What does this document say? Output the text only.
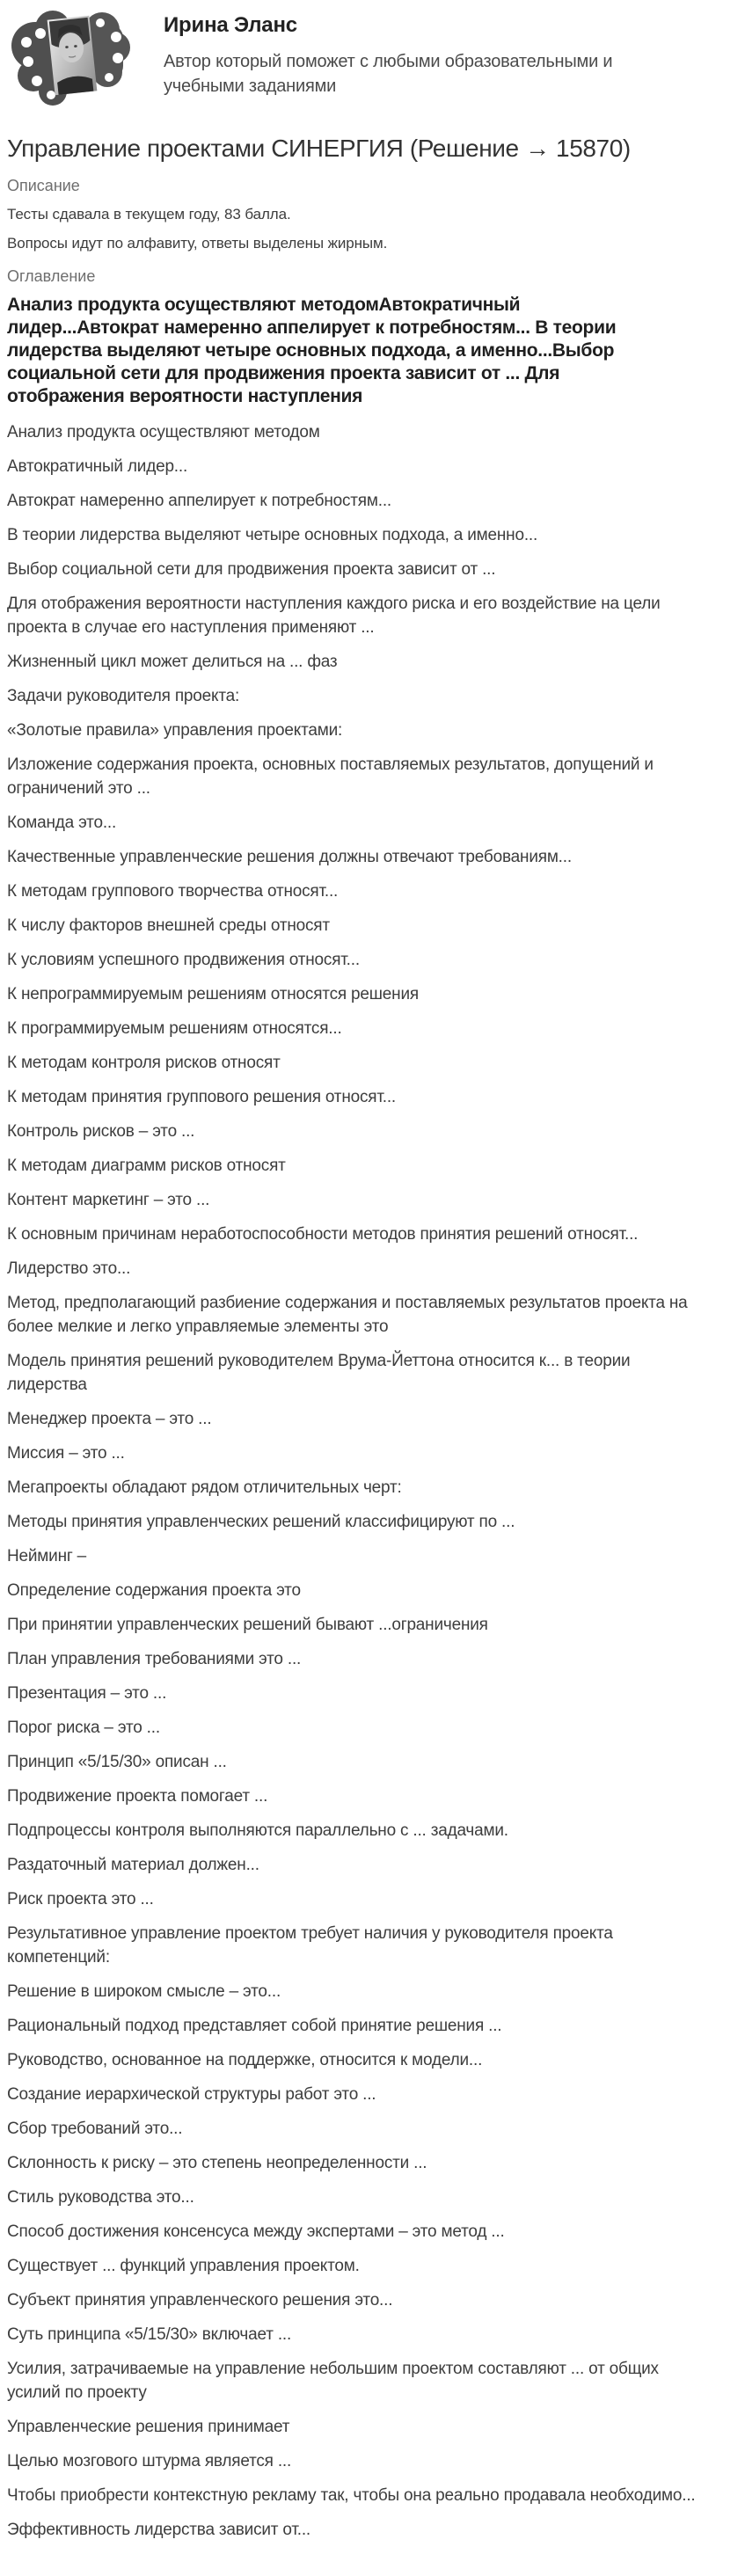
Ирина Эланс
Автор который поможет с любыми образовательными и учебными заданиями
Управление проектами СИНЕРГИЯ (Решение → 15870)
Описание

Тесты сдавала в текущем году, 83 балла.

Вопросы идут по алфавиту, ответы выделены жирным.

Оглавление

Анализ продукта осуществляют методомАвтократичный лидер...Автократ намеренно аппелирует к потребностям... В теории лидерства выделяют четыре основных подхода, а именно...Выбор социальной сети для продвижения проекта зависит от ... Для отображения вероятности наступления

Анализ продукта осуществляют методом

Автократичный лидер...

Автократ намеренно аппелирует к потребностям...

В теории лидерства выделяют четыре основных подхода, а именно...

Выбор социальной сети для продвижения проекта зависит от ...

Для отображения вероятности наступления каждого риска и его воздействие на цели проекта в случае его наступления применяют ...

Жизненный цикл может делиться на ... фаз

Задачи руководителя проекта:

«Золотые правила» управления проектами:

Изложение содержания проекта, основных поставляемых результатов, допущений и ограничений это ...

Команда это...

Качественные управленческие решения должны отвечают требованиям...

К методам группового творчества относят...

К числу факторов внешней среды относят

К условиям успешного продвижения относят...

К непрограммируемым решениям относятся решения

К программируемым решениям относятся...

К методам контроля рисков относят

К методам принятия группового решения относят...

Контроль рисков – это ...

К методам диаграмм рисков относят

Контент маркетинг – это ...

К основным причинам неработоспособности методов принятия решений относят...

Лидерство это...

Метод, предполагающий разбиение содержания и поставляемых результатов проекта на более мелкие и легко управляемые элементы это

Модель принятия решений руководителем Врума-Йеттона относится к... в теории лидерства

Менеджер проекта – это ...

Миссия – это ...

Мегапроекты обладают рядом отличительных черт:

Методы принятия управленческих решений классифицируют по ...

Нейминг –

Определение содержания проекта это

При принятии управленческих решений бывают ...ограничения

План управления требованиями это ...

Презентация – это ...

Порог риска – это ...

Принцип «5/15/30» описан ...

Продвижение проекта помогает ...

Подпроцессы контроля выполняются параллельно с ... задачами.

Раздаточный материал должен...

Риск проекта это ...

Результативное управление проектом требует наличия у руководителя проекта компетенций:

Решение в широком смысле – это...

Рациональный подход представляет собой принятие решения ...

Руководство, основанное на поддержке, относится к модели...

Создание иерархической структуры работ это ...

Сбор требований это...

Склонность к риску – это степень неопределенности ...

Стиль руководства это...

Способ достижения консенсуса между экспертами – это метод ...

Существует ... функций управления проектом.

Субъект принятия управленческого решения это...

Суть принципа «5/15/30» включает ...

Усилия, затрачиваемые на управление небольшим проектом составляют ... от общих усилий по проекту

Управленческие решения принимает

Целью мозгового штурма является ...

Чтобы приобрести контекстную рекламу так, чтобы она реально продавала необходимо...

Эффективность лидерства зависит от...
